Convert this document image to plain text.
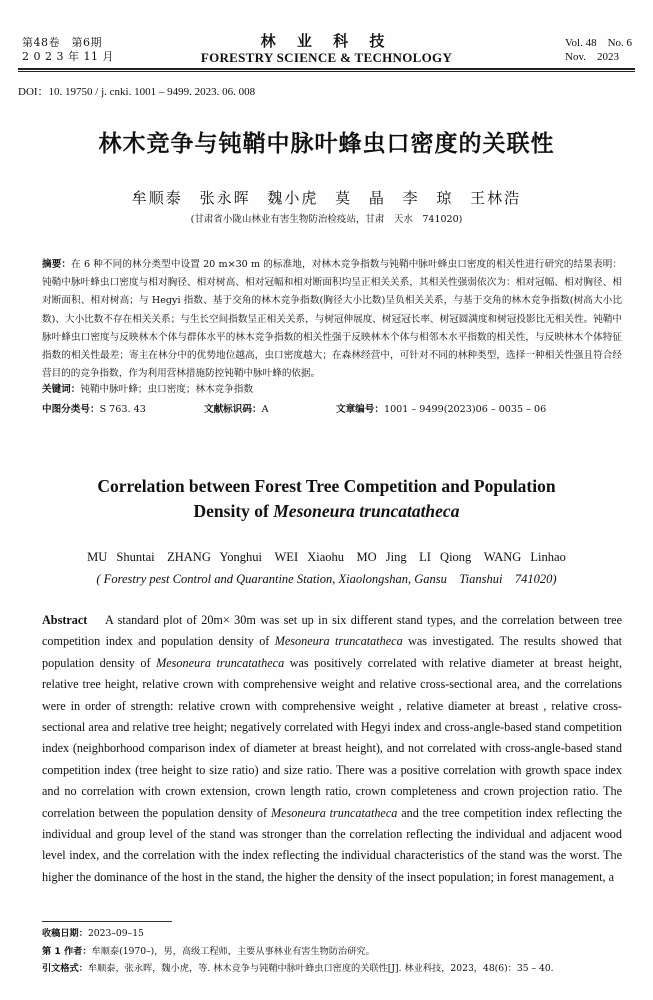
第48卷　第6期
2 0 2 3 年 11 月
林 业 科 技
FORESTRY SCIENCE & TECHNOLOGY
Vol. 48　No. 6
Nov.　2023
DOI：10. 19750 / j. cnki. 1001 – 9499. 2023. 06. 008
林木竞争与钝鞘中脉叶蜂虫口密度的关联性
牟顺泰 张永晖 魏小虎 莫 晶 李 琼 王林浩
(甘肃省小陇山林业有害生物防治检疫站，甘肃　天水　741020)
摘要：在 6 种不同的林分类型中设置 20 m×30 m 的标准地，对林木竞争指数与钝鞘中脉叶蜂虫口密度的相关性进行研究的结果表明：钝鞘中脉叶蜂虫口密度与相对胸径、相对树高、相对冠幅和相对断面积均呈正相关关系，其相关性强弱依次为：相对冠幅、相对胸径、相对断面积、相对树高；与 Hegyi 指数、基于交角的林木竞争指数(胸径大小比数)呈负相关关系，与基于交角的林木竞争指数(树高大小比数)、大小比数不存在相关关系；与生长空间指数呈正相关关系，与树冠伸展度、树冠冠长率、树冠圆满度和树冠投影比无相关性。钝鞘中脉叶蜂虫口密度与反映林木个体与群体水平的林木竞争指数的相关性强于反映林木个体与相邻木水平指数的相关性，与反映林木个体特征指数的相关性最差；寄主在林分中的优势地位越高，虫口密度越大；在森林经营中，可针对不同的林种类型，选择一种相关性强且符合经营目的的竞争指数，作为利用营林措施防控钝鞘中脉叶蜂的依据。
关键词：钝鞘中脉叶蜂；虫口密度；林木竞争指数
中图分类号：S 763. 43	文献标识码：A	文章编号：1001 – 9499(2023)06 – 0035 – 06
Correlation between Forest Tree Competition and Population
Density of Mesoneura truncatatheca
MU Shuntai　ZHANG Yonghui　WEI Xiaohu　MO Jing　LI Qiong　WANG Linhao
( Forestry pest Control and Quarantine Station, Xiaolongshan, Gansu　Tianshui　741020)
Abstract A standard plot of 20m× 30m was set up in six different stand types, and the correlation between tree competition index and population density of Mesoneura truncatatheca was investigated. The results showed that population density of Mesoneura truncatatheca was positively correlated with relative diameter at breast height, relative tree height, relative crown with comprehensive weight and relative cross-sectional area, and the correlations were in order of strength: relative crown with comprehensive weight , relative diameter at breast , relative cross-sectional area and relative tree height; negatively correlated with Hegyi index and cross-angle-based stand competition index (neighborhood comparison index of diameter at breast height), and not correlated with cross-angle-based stand competition index (tree height to size ratio) and size ratio. There was a positive correlation with growth space index and no correlation with crown extension, crown length ratio, crown completeness and crown projection ratio. The correlation between the population density of Mesoneura truncatatheca and the tree competition index reflecting the individual and group level of the stand was stronger than the correlation reflecting the individual and adjacent wood level index, and the correlation with the index reflecting the individual characteristics of the stand was the worst. The higher the dominance of the host in the stand, the higher the density of the insect population; in forest management, a
收稿日期：2023–09–15
第 1 作者：牟顺泰(1970–)，男，高级工程师，主要从事林业有害生物防治研究。
引文格式：牟顺泰，张永晖，魏小虎，等. 林木竞争与钝鞘中脉叶蜂虫口密度的关联性[J]. 林业科技，2023，48(6)：35 – 40.
